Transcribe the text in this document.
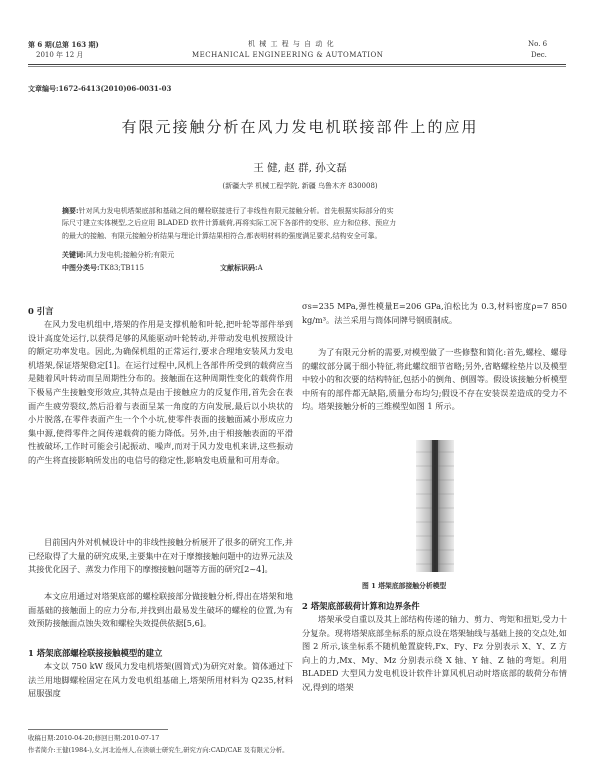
第 6 期(总第 163 期)
2010 年 12 月
机 械 工 程 与 自 动 化
MECHANICAL ENGINEERING & AUTOMATION
No. 6
Dec.
文章编号:1672-6413(2010)06-0031-03
有限元接触分析在风力发电机联接部件上的应用
王 健, 赵 群, 孙文磊
(新疆大学 机械工程学院, 新疆 乌鲁木齐 830008)
摘要:针对风力发电机塔架底部和基础之间的螺栓联接进行了非线性有限元接触分析。首先根据实际部分的实
际尺寸建立实体模型,之后应用 BLADED 软件计算载荷,再将实际工况下各部件的变形、应力和位移、预应力
的最大的接触、有限元接触分析结果与理论计算结果相符合,都表明材料的强度满足要求,结构安全可靠。
关键词:风力发电机;接触分析;有限元
中图分类号:TK83;TB115	文献标识码:A
0 引言
在风力发电机组中,塔架的作用是支撑机舱和叶轮,把叶轮等部件举到设计高度处运行,以获得足够的风能驱动叶轮转动,并带动发电机按照设计的额定功率发电。因此,为确保机组的正常运行,要求合理地安装风力发电机塔架,保证塔架稳定[1]。在运行过程中,风机上各部件所受到的载荷应当是随着风叶转动而呈周期性分布的。接触面在这种周期性变化的载荷作用下极易产生接触变形效应,其特点是由于接触应力的反复作用,首先会在表面产生疲劳裂纹,然后沿着与表面呈某一角度的方向发展,最后以小块状的小片脱落,在零件表面产生一个个小坑,使零件表面的接触面减小形成应力集中源,使得零件之间传递载荷的能力降低。另外,由于相接触表面的平滑性被破坏,工作时可能会引起振动、噪声,而对于风力发电机来讲,这些振动的产生将直接影响所发出的电信号的稳定性,影响发电质量和可用寿命。
目前国内外对机械设计中的非线性接触分析展开了很多的研究工作,并已经取得了大量的研究成果,主要集中在对于摩擦接触问题中的边界元法及其接优化因子、蒸发力作用下的摩擦接触问题等方面的研究[2~4]。
本文应用通过对塔架底部的螺栓联接部分做接触分析,得出在塔架和地面基础的接触面上的应力分布,并找到出最易发生破坏的螺栓的位置,为有效预防接触面点蚀失效和螺栓失效提供依据[5,6]。
1 塔架底部螺栓联接接触模型的建立
本文以 750 kW 级风力发电机塔架(圆筒式)为研究对象。简体通过下法兰用地脚螺栓固定在风力发电机组基础上,塔架所用材料为 Q235,材料屈服强度
σs=235 MPa,弹性模量E=206 GPa,泊松比为 0.3,材料密度ρ=7 850 kg/m³。法兰采用与筒体同牌号钢质制成。
为了有限元分析的需要,对模型做了一些修整和简化:首先,螺栓、螺母的螺纹部分属于细小特征,将此螺纹细节省略;另外,省略螺栓垫片以及模型中较小的和次要的结构特征,包括小的倒角、倒圆等。假设该接触分析模型中所有的部件都无缺陷,质量分布均匀;假设不存在安装误差造成的受力不均。塔架接触分析的三维模型如图 1 所示。
图 1 塔架底部接触分析模型
2 塔架底部载荷计算和边界条件
塔架承受自重以及其上部结构传递的轴力、剪力、弯矩和扭矩,受力十分复杂。现将塔架底部坐标系的原点设在塔架轴线与基础上接的交点处,如图 2 所示,该坐标系不随机舱置旋转,Fx、Fy、Fz 分别表示 X、Y、Z 方向上的力,Mx、My、Mz 分别表示绕 X 轴、Y 轴、Z 轴的弯矩。利用 BLADED 大型风力发电机设计软件计算风机启动时塔底部的载荷分布情况,得到的塔架
收稿日期:2010-04-20;修回日期:2010-07-17
作者简介:王健(1984-),女,河北沧州人,在读硕士研究生,研究方向:CAD/CAE 及有限元分析。
